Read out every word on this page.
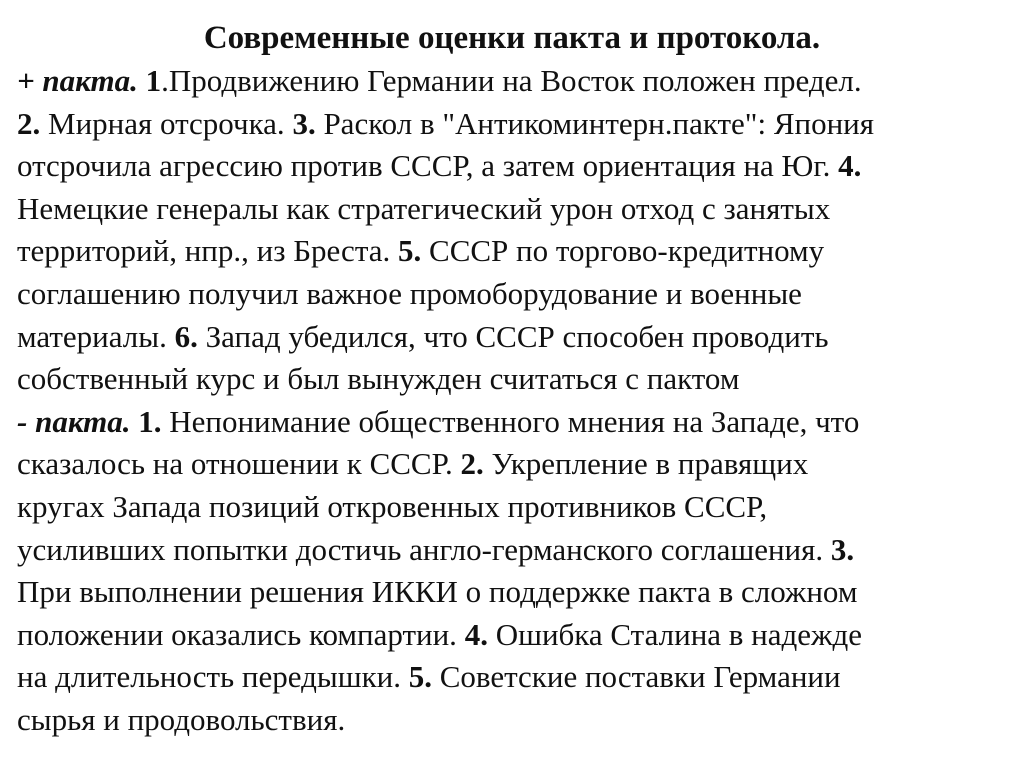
Современные оценки пакта и протокола.
+ пакта. 1.Продвижению Германии на Восток положен предел.
2. Мирная отсрочка. 3. Раскол в "Антикоминтерн.пакте": Япония
отсрочила агрессию против СССР, а затем ориентация на Юг. 4.
Немецкие генералы как стратегический урон отход с занятых
территорий, нпр., из Бреста. 5. СССР по торгово-кредитному
соглашению получил важное промоборудование и военные
материалы. 6. Запад убедился, что СССР способен проводить
собственный курс и был вынужден считаться с пактом
- пакта. 1. Непонимание общественного мнения на Западе, что
сказалось на отношении к СССР. 2. Укрепление в правящих
кругах Запада позиций откровенных противников СССР,
усиливших попытки достичь англо-германского соглашения. 3.
При выполнении решения ИККИ о поддержке пакта в сложном
положении оказались компартии. 4. Ошибка Сталина в надежде
на длительность передышки. 5. Советские поставки Германии
сырья и продовольствия.
